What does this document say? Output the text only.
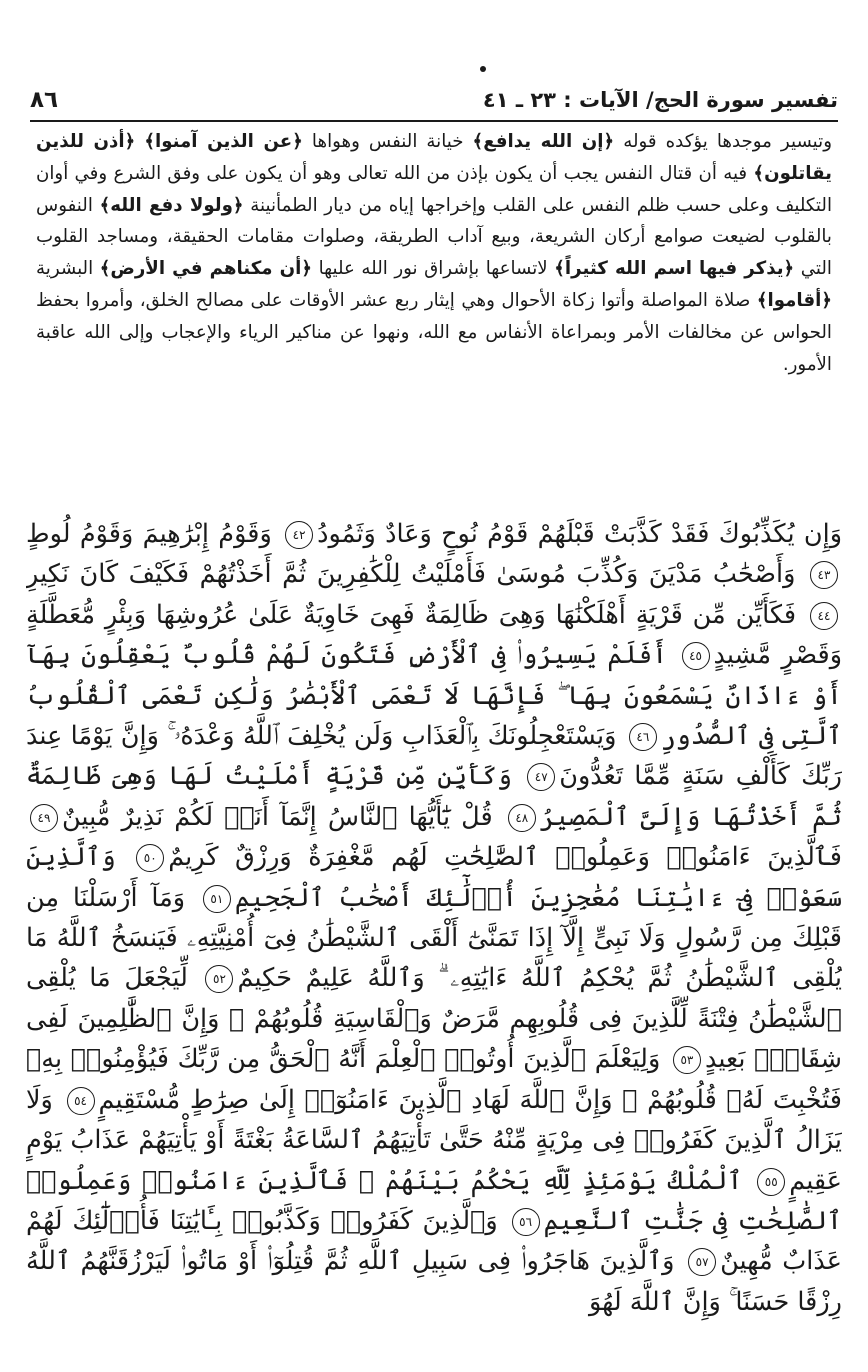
٨٦	تفسير سورة الحج/ الآيات : ٢٣ ـ ٤١
وتيسير موجدها يؤكده قوله ﴿إن الله يدافع﴾ خيانة النفس وهواها ﴿عن الذين آمنوا﴾ ﴿أذن للذين يقاتلون﴾ فيه أن قتال النفس يجب أن يكون بإذن من الله تعالى وهو أن يكون على وفق الشرع وفي أوان التكليف وعلى حسب ظلم النفس على القلب وإخراجها إياه من ديار الطمأنينة ﴿ولولا دفع الله﴾ النفوس بالقلوب لضيعت صوامع أركان الشريعة، وبيع آداب الطريقة، وصلوات مقامات الحقيقة، ومساجد القلوب التي ﴿يذكر فيها اسم الله كثيراً﴾ لاتساعها بإشراق نور الله عليها ﴿أن مكناهم في الأرض﴾ البشرية ﴿أقاموا﴾ صلاة المواصلة وأتوا زكاة الأحوال وهي إيثار ربع عشر الأوقات على مصالح الخلق، وأمروا بحفظ الحواس عن مخالفات الأمر وبمراعاة الأنفاس مع الله، ونهوا عن مناكير الرياء والإعجاب وإلى الله عاقبة الأمور.
وَإِن يُكَذِّبُوكَ فَقَدْ كَذَّبَتْ قَبْلَهُمْ قَوْمُ نُوحٍ وَعَادٌ وَثَمُودُ٤٢ وَقَوْمُ إِبْرَٰهِيمَ وَقَوْمُ لُوطٍ٤٣ وَأَصْحَٰبُ مَدْيَنَ وَكُذِّبَ مُوسَىٰ فَأَمْلَيْتُ لِلْكَٰفِرِينَ ثُمَّ أَخَذْتُهُمْ فَكَيْفَ كَانَ نَكِيرِ٤٤ فَكَأَيِّن مِّن قَرْيَةٍ أَهْلَكْنَٰهَا وَهِىَ ظَالِمَةٌ فَهِىَ خَاوِيَةٌ عَلَىٰ عُرُوشِهَا وَبِئْرٍ مُّعَطَّلَةٍ وَقَصْرٍ مَّشِيدٍ٤٥ أَفَلَمْ يَسِيرُوا۟ فِى ٱلْأَرْضِ فَتَكُونَ لَهُمْ قُلُوبٌ يَعْقِلُونَ بِهَآ أَوْ ءَاذَانٌ يَسْمَعُونَ بِهَا ۖ فَإِنَّهَا لَا تَعْمَى ٱلْأَبْصَٰرُ وَلَٰكِن تَعْمَى ٱلْقُلُوبُ ٱلَّتِى فِى ٱلصُّدُورِ٤٦ وَيَسْتَعْجِلُونَكَ بِٱلْعَذَابِ وَلَن يُخْلِفَ ٱللَّهُ وَعْدَهُۥ ۚ وَإِنَّ يَوْمًا عِندَ رَبِّكَ كَأَلْفِ سَنَةٍ مِّمَّا تَعُدُّونَ٤٧ وَكَأَيِّن مِّن قَرْيَةٍ أَمْلَيْتُ لَهَا وَهِىَ ظَالِمَةٌ ثُمَّ أَخَذْتُهَا وَإِلَىَّ ٱلْمَصِيرُ٤٨ قُلْ يَٰٓأَيُّهَا ٱلنَّاسُ إِنَّمَآ أَنَا۠ لَكُمْ نَذِيرٌ مُّبِينٌ٤٩ فَٱلَّذِينَ ءَامَنُوا۟ وَعَمِلُوا۟ ٱلصَّٰلِحَٰتِ لَهُم مَّغْفِرَةٌ وَرِزْقٌ كَرِيمٌ٥٠ وَٱلَّذِينَ سَعَوْا۟ فِىٓ ءَايَٰتِنَا مُعَٰجِزِينَ أُو۟لَٰٓئِكَ أَصْحَٰبُ ٱلْجَحِيمِ٥١ وَمَآ أَرْسَلْنَا مِن قَبْلِكَ مِن رَّسُولٍ وَلَا نَبِىٍّ إِلَّآ إِذَا تَمَنَّىٰٓ أَلْقَى ٱلشَّيْطَٰنُ فِىٓ أُمْنِيَّتِهِۦ فَيَنسَخُ ٱللَّهُ مَا يُلْقِى ٱلشَّيْطَٰنُ ثُمَّ يُحْكِمُ ٱللَّهُ ءَايَٰتِهِۦ ۗ وَٱللَّهُ عَلِيمٌ حَكِيمٌ٥٢ لِّيَجْعَلَ مَا يُلْقِى ٱلشَّيْطَٰنُ فِتْنَةً لِّلَّذِينَ فِى قُلُوبِهِم مَّرَضٌ وَٱلْقَاسِيَةِ قُلُوبُهُمْ ۗ وَإِنَّ ٱلظَّٰلِمِينَ لَفِى شِقَاقٍۭ بَعِيدٍ٥٣ وَلِيَعْلَمَ ٱلَّذِينَ أُوتُوا۟ ٱلْعِلْمَ أَنَّهُ ٱلْحَقُّ مِن رَّبِّكَ فَيُؤْمِنُوا۟ بِهِۦ فَتُخْبِتَ لَهُۥ قُلُوبُهُمْ ۗ وَإِنَّ ٱللَّهَ لَهَادِ ٱلَّذِينَ ءَامَنُوٓا۟ إِلَىٰ صِرَٰطٍ مُّسْتَقِيمٍ٥٤ وَلَا يَزَالُ ٱلَّذِينَ كَفَرُوا۟ فِى مِرْيَةٍ مِّنْهُ حَتَّىٰ تَأْتِيَهُمُ ٱلسَّاعَةُ بَغْتَةً أَوْ يَأْتِيَهُمْ عَذَابُ يَوْمٍ عَقِيمٍ٥٥ ٱلْمُلْكُ يَوْمَئِذٍ لِّلَّهِ يَحْكُمُ بَيْنَهُمْ ۚ فَٱلَّذِينَ ءَامَنُوا۟ وَعَمِلُوا۟ ٱلصَّٰلِحَٰتِ فِى جَنَّٰتِ ٱلنَّعِيمِ٥٦ وَٱلَّذِينَ كَفَرُوا۟ وَكَذَّبُوا۟ بِـَٔايَٰتِنَا فَأُو۟لَٰٓئِكَ لَهُمْ عَذَابٌ مُّهِينٌ٥٧ وَٱلَّذِينَ هَاجَرُوا۟ فِى سَبِيلِ ٱللَّهِ ثُمَّ قُتِلُوٓا۟ أَوْ مَاتُوا۟ لَيَرْزُقَنَّهُمُ ٱللَّهُ رِزْقًا حَسَنًا ۚ وَإِنَّ ٱللَّهَ لَهُوَ
